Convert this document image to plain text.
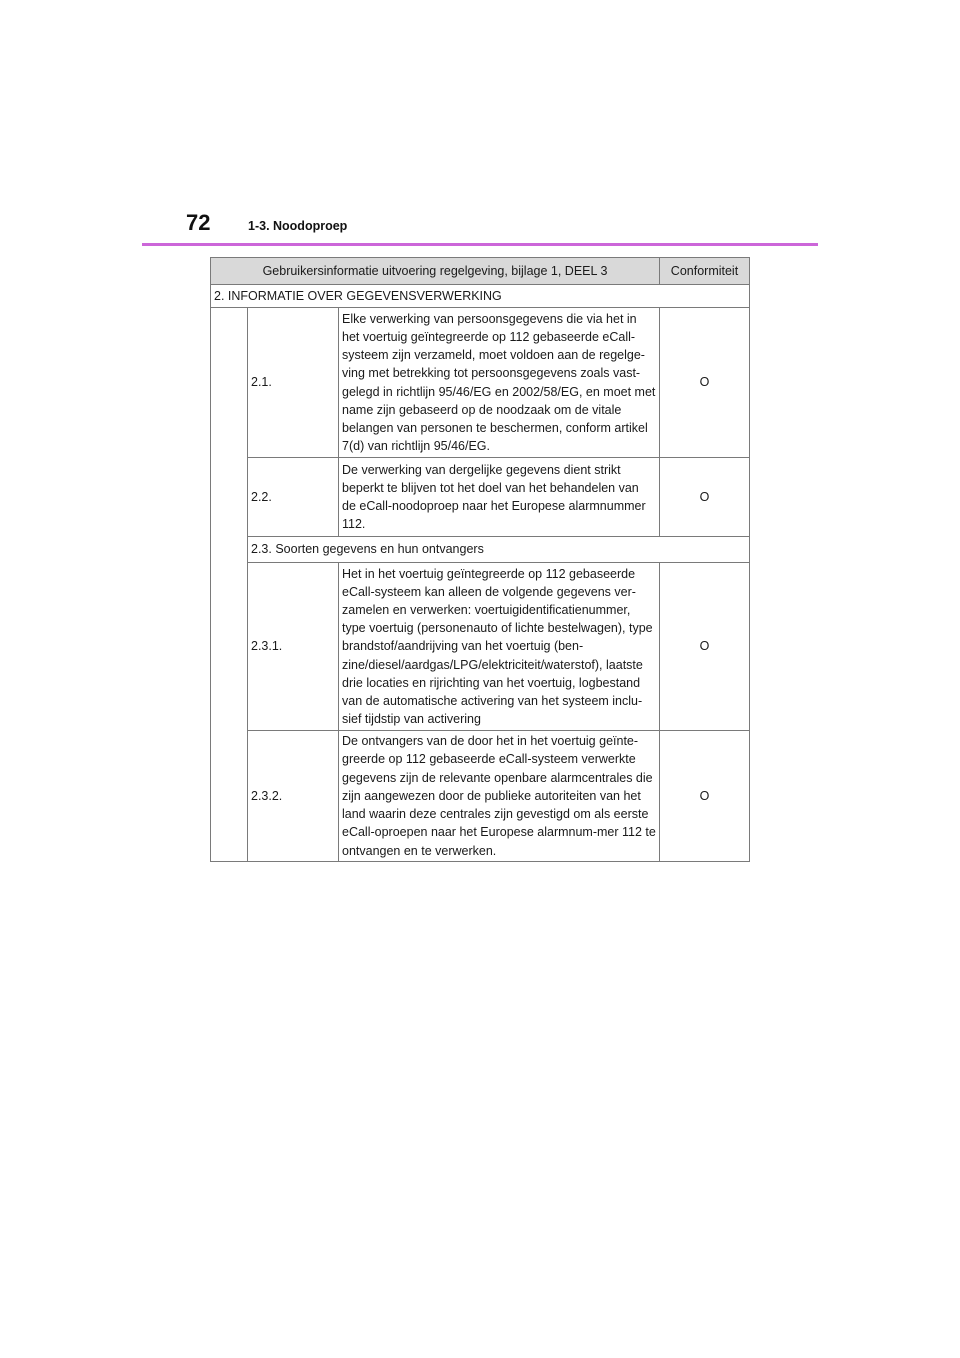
72	1-3. Noodoproep
Gebruikersinformatie uitvoering regelgeving, bijlage 1, DEEL 3			Conformiteit
2. INFORMATIE OVER GEGEVENSVERWERKING			
	2.1.	Elke verwerking van persoonsgegevens die via het in het voertuig geïntegreerde op 112 gebaseerde eCall-systeem zijn verzameld, moet voldoen aan de regelge-ving met betrekking tot persoonsgegevens zoals vast-gelegd in richtlijn 95/46/EG en 2002/58/EG, en moet met name zijn gebaseerd op de noodzaak om de vitale belangen van personen te beschermen, conform artikel 7(d) van richtlijn 95/46/EG.	O
	2.2.	De verwerking van dergelijke gegevens dient strikt beperkt te blijven tot het doel van het behandelen van de eCall-noodoproep naar het Europese alarmnummer 112.	O
	2.3. Soorten gegevens en hun ontvangers		
	2.3.1.	Het in het voertuig geïntegreerde op 112 gebaseerde eCall-systeem kan alleen de volgende gegevens ver-zamelen en verwerken: voertuigidentificatienummer, type voertuig (personenauto of lichte bestelwagen), type brandstof/aandrijving van het voertuig (ben-zine/diesel/aardgas/LPG/elektriciteit/waterstof), laatste drie locaties en rijrichting van het voertuig, logbestand van de automatische activering van het systeem inclu-sief tijdstip van activering	O
	2.3.2.	De ontvangers van de door het in het voertuig geïnte-greerde op 112 gebaseerde eCall-systeem verwerkte gegevens zijn de relevante openbare alarmcentrales die zijn aangewezen door de publieke autoriteiten van het land waarin deze centrales zijn gevestigd om als eerste eCall-oproepen naar het Europese alarmnum-mer 112 te ontvangen en te verwerken.	O
